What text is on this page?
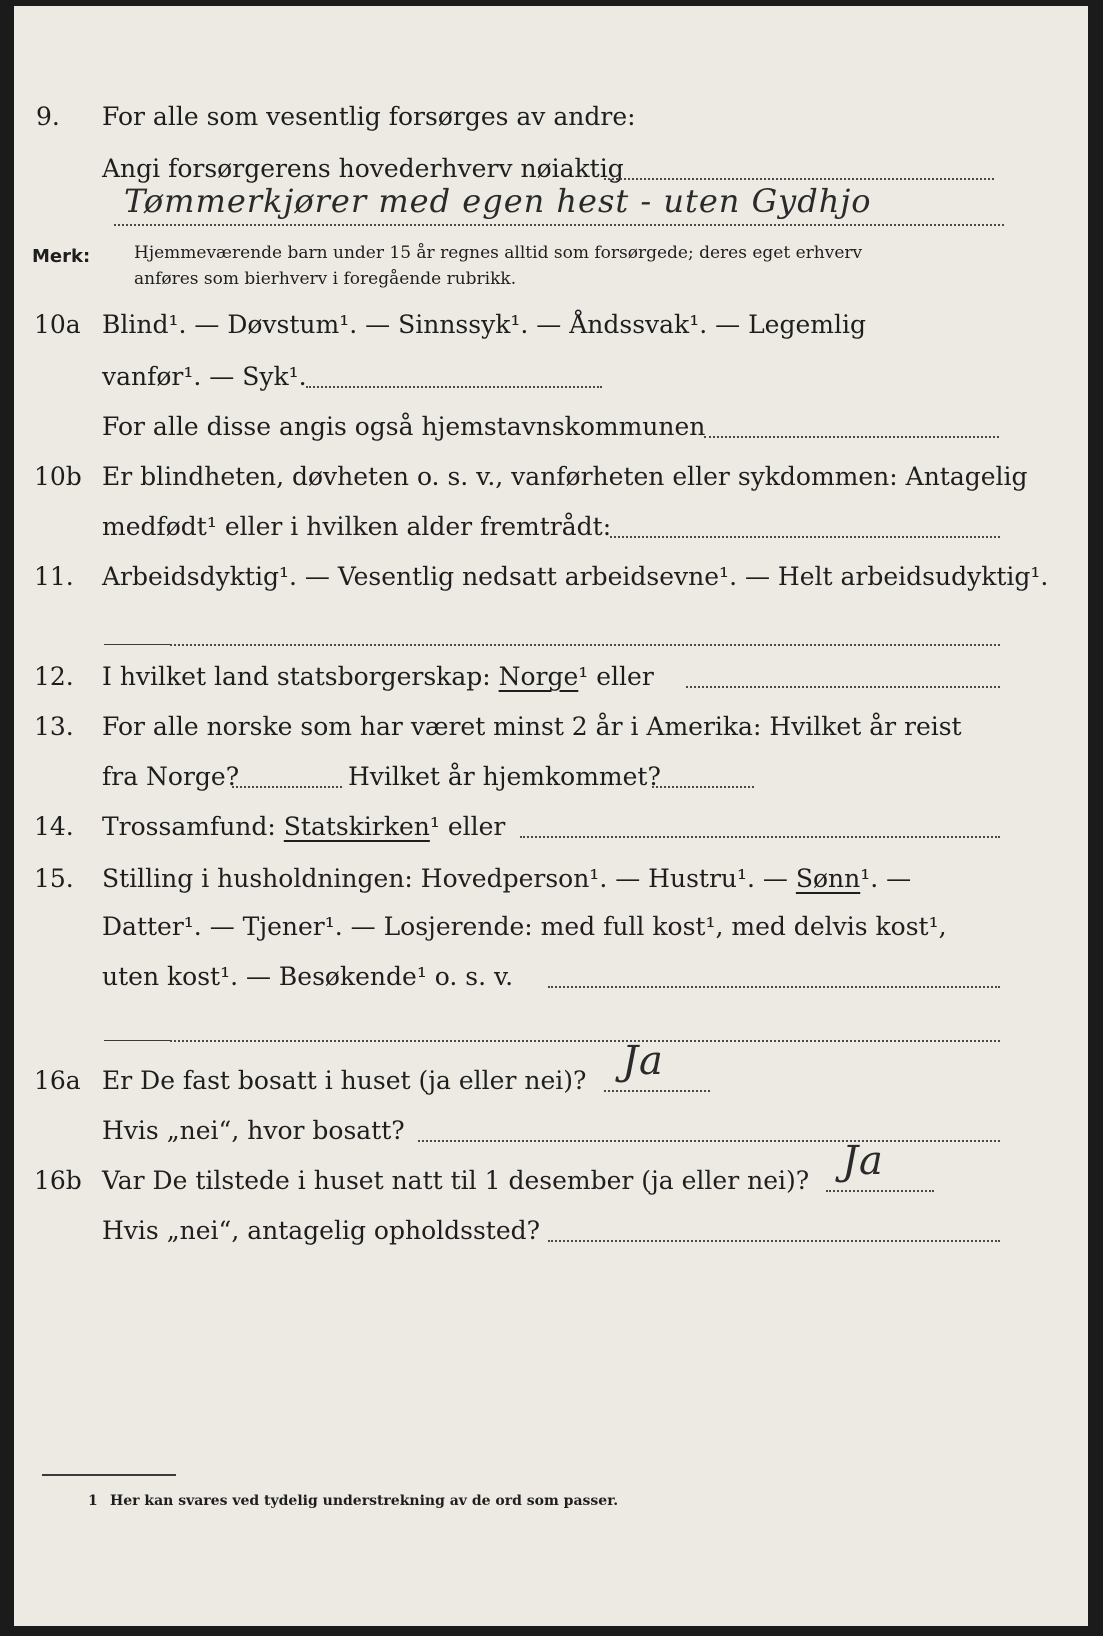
9. For alle som vesentlig forsørges av andre:
Angi forsørgerens hovederhverv nøiaktig
Tømmerkjører med egen hest - uten Gydhjo
Merk:	Hjemmeværende barn under 15 år regnes alltid som forsørgede; deres eget erhverv
anføres som bierhverv i foregående rubrikk.
10a Blind¹. — Døvstum¹. — Sinnssyk¹. — Åndssvak¹. — Legemlig
vanfør¹. — Syk¹.
For alle disse angis også hjemstavnskommunen
10b Er blindheten, døvheten o. s. v., vanførheten eller sykdommen: Antagelig
medfødt¹ eller i hvilken alder fremtrådt:
11. Arbeidsdyktig¹. — Vesentlig nedsatt arbeidsevne¹. — Helt arbeidsudyktig¹.
12. I hvilket land statsborgerskap: Norge¹ eller
13. For alle norske som har været minst 2 år i Amerika: Hvilket år reist
fra Norge?	Hvilket år hjemkommet?
14. Trossamfund: Statskirken¹ eller
15. Stilling i husholdningen: Hovedperson¹. — Hustru¹. — Sønn¹. —
Datter¹. — Tjener¹. — Losjerende: med full kost¹, med delvis kost¹,
uten kost¹. — Besøkende¹ o. s. v.
16a Er De fast bosatt i huset (ja eller nei)? Ja
Hvis „nei“, hvor bosatt?
16b Var De tilstede i huset natt til 1 desember (ja eller nei)? Ja
Hvis „nei“, antagelig opholdssted?
1 Her kan svares ved tydelig understrekning av de ord som passer.
